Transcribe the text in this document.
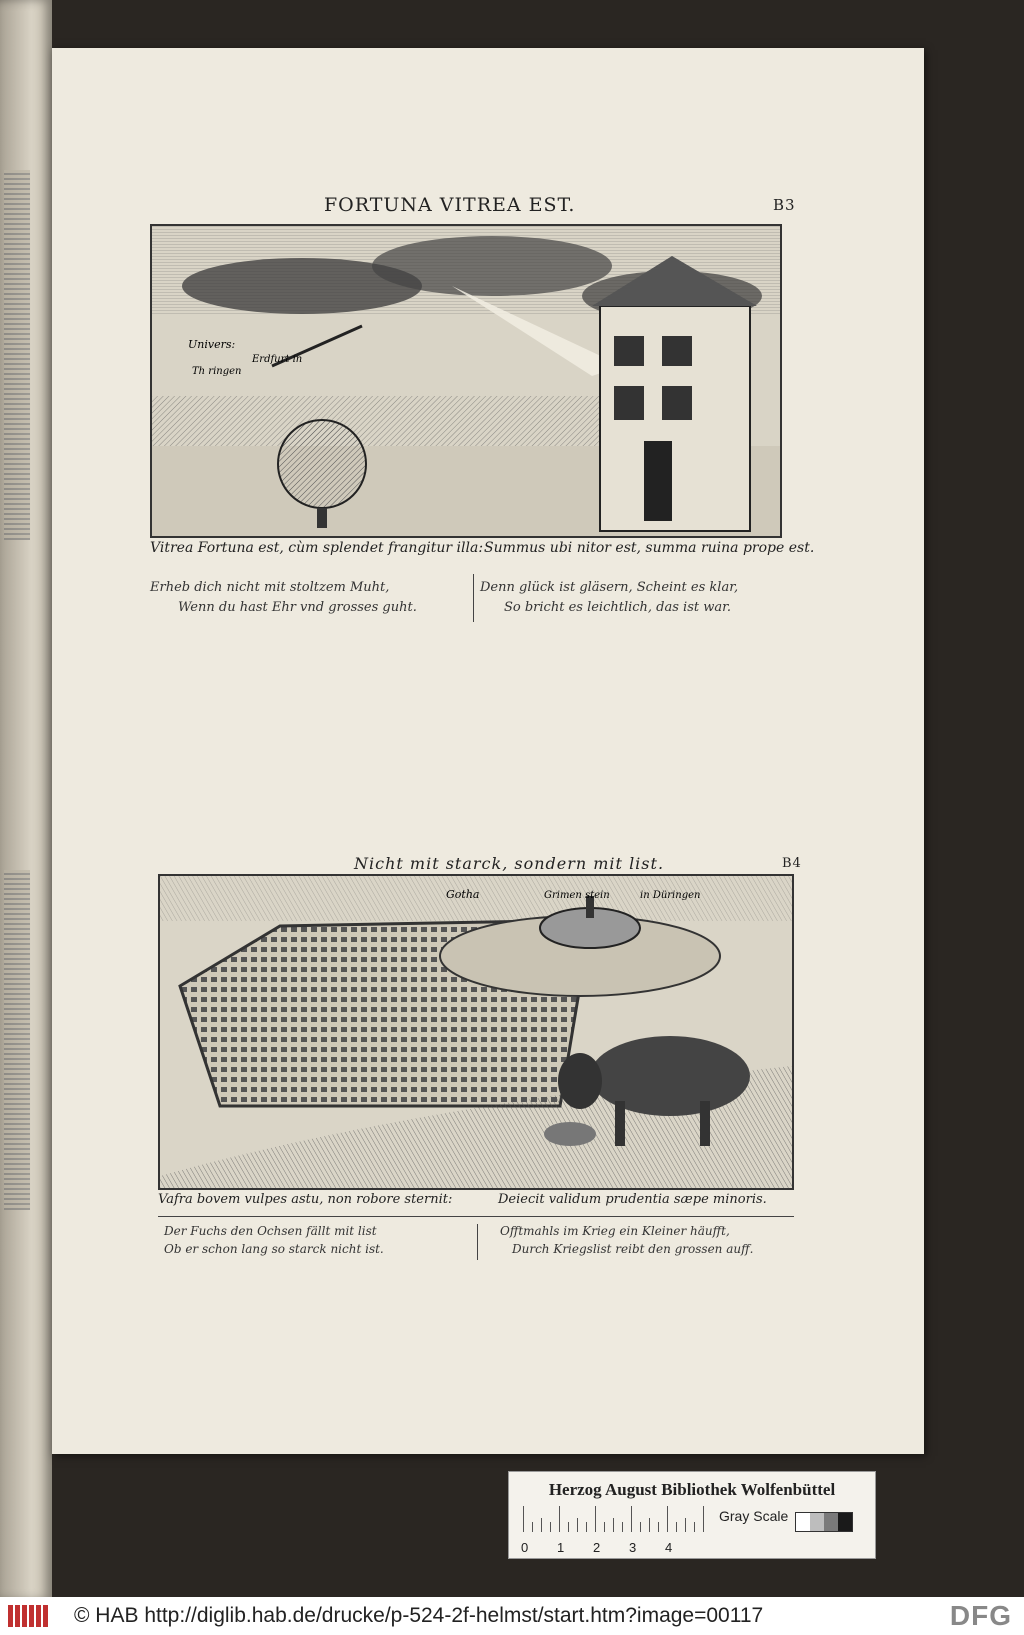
FORTUNA VITREA EST.	B3
Univers:
Erdfurt in
Th ringen
Vitrea Fortuna est, cùm splendet frangitur illa: Summus ubi nitor est, summa ruina prope est.
Erheb dich nicht mit stoltzem Muht,
Wenn du hast Ehr vnd grosses guht.
Denn glück ist gläsern, Scheint es klar,
So bricht es leichtlich, das ist war.
Nicht mit starck, sondern mit list.	B4
Gotha	Grimen stein	in Düringen
Vafra bovem vulpes astu, non robore sternit:	Deiecit validum prudentia sæpe minoris.
Der Fuchs den Ochsen fällt mit list
Ob er schon lang so starck nicht ist.
Offtmahls im Krieg ein Kleiner häufft,
Durch Kriegslist reibt den grossen auff.
Herzog August Bibliothek Wolfenbüttel
0 1 2 3 4
Gray Scale
© HAB http://diglib.hab.de/drucke/p-524-2f-helmst/start.htm?image=00117	DFG
